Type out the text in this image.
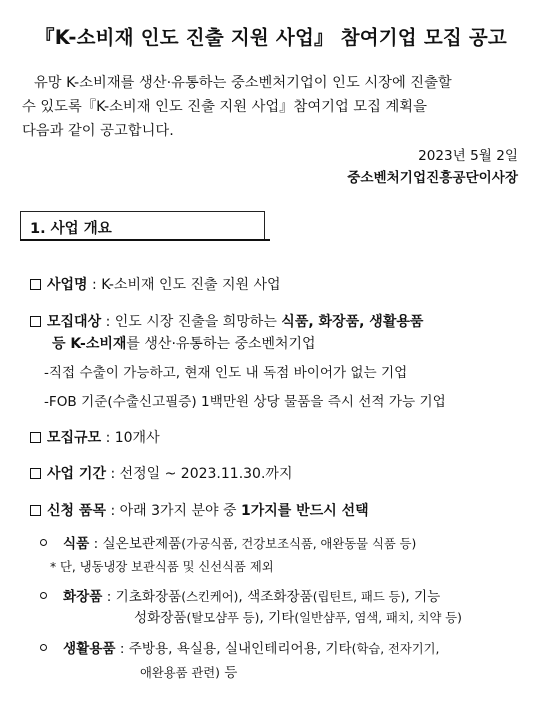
『K-소비재 인도 진출 지원 사업』 참여기업 모집 공고
유망 K-소비재를 생산·유통하는 중소벤처기업이 인도 시장에 진출할
수 있도록『K-소비재 인도 진출 지원 사업』참여기업 모집 계획을
다음과 같이 공고합니다.
2023년 5월 2일
중소벤처기업진흥공단이사장
1. 사업 개요
사업명 : K-소비재 인도 진출 지원 사업
모집대상 : 인도 시장 진출을 희망하는 식품, 화장품, 생활용품
등 K-소비재를 생산·유통하는 중소벤처기업
-직접 수출이 가능하고, 현재 인도 내 독점 바이어가 없는 기업
-FOB 기준(수출신고필증) 1백만원 상당 물품을 즉시 선적 가능 기업
모집규모 : 10개사
사업 기간 : 선정일 ~ 2023.11.30.까지
신청 품목 : 아래 3가지 분야 중 1가지를 반드시 선택
식품 : 실온보관제품(가공식품, 건강보조식품, 애완동물 식품 등)
* 단, 냉동냉장 보관식품 및 신선식품 제외
화장품 : 기초화장품(스킨케어), 색조화장품(립틴트, 패드 등), 기능
성화장품(탈모샴푸 등), 기타(일반샴푸, 염색, 패치, 치약 등)
생활용품 : 주방용, 욕실용, 실내인테리어용, 기타(학습, 전자기기,
애완용품 관련) 등
